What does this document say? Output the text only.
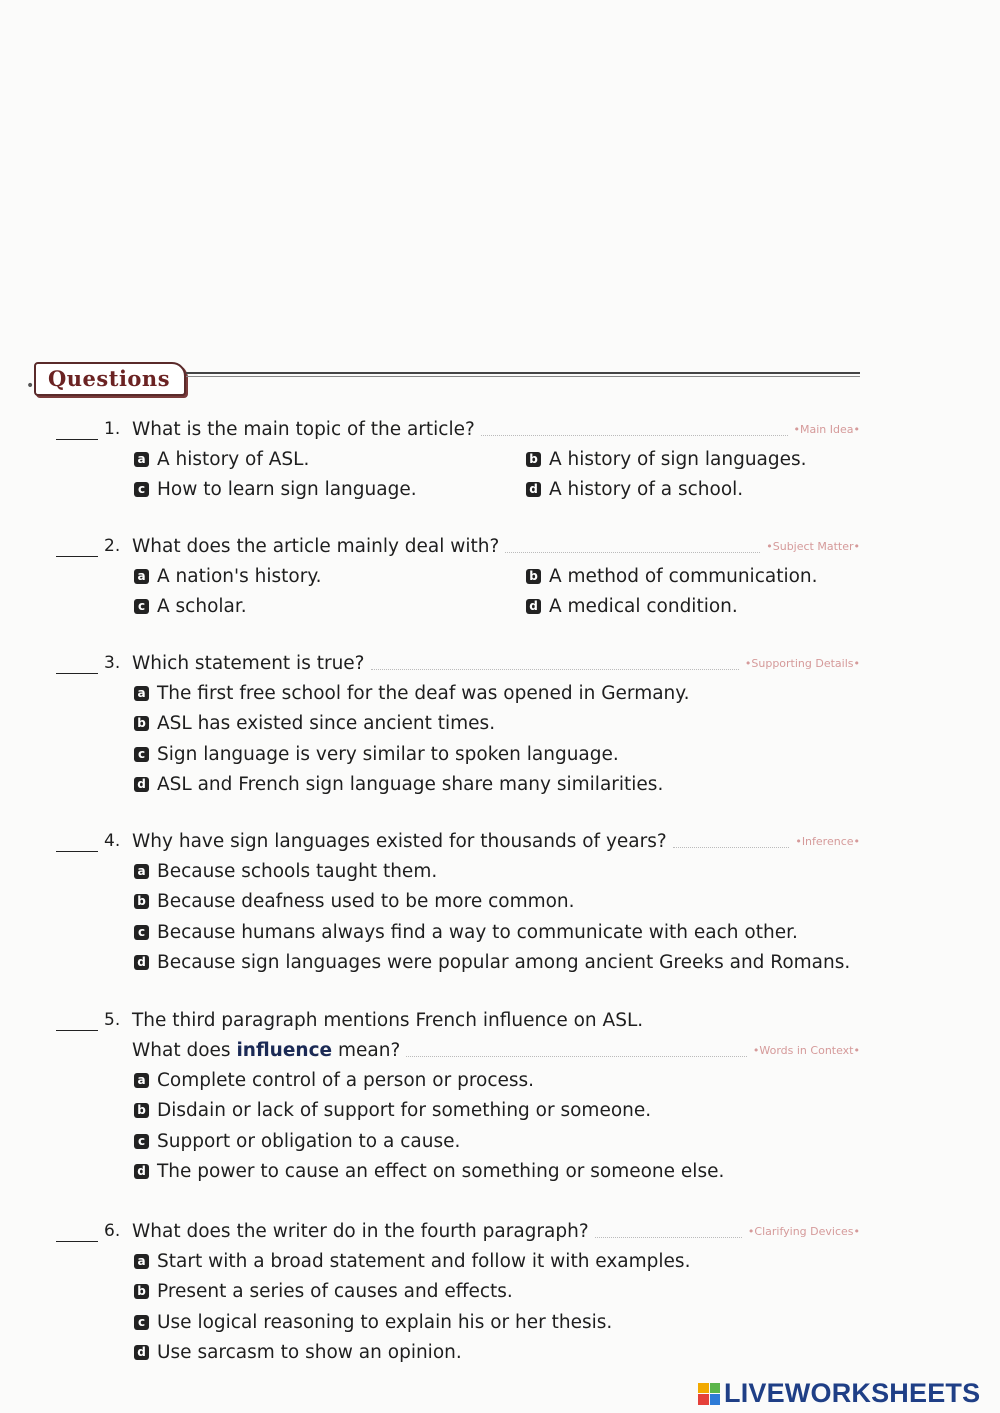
• Questions
1. What is the main topic of the article?	•Main Idea•
a A history of ASL.	b A history of sign languages.
c How to learn sign language.	d A history of a school.
2. What does the article mainly deal with?	•Subject Matter•
a A nation's history.	b A method of communication.
c A scholar.	d A medical condition.
3. Which statement is true?	•Supporting Details•
a The first free school for the deaf was opened in Germany.
b ASL has existed since ancient times.
c Sign language is very similar to spoken language.
d ASL and French sign language share many similarities.
4. Why have sign languages existed for thousands of years?	•Inference•
a Because schools taught them.
b Because deafness used to be more common.
c Because humans always find a way to communicate with each other.
d Because sign languages were popular among ancient Greeks and Romans.
5. The third paragraph mentions French influence on ASL.
What does influence mean?	•Words in Context•
a Complete control of a person or process.
b Disdain or lack of support for something or someone.
c Support or obligation to a cause.
d The power to cause an effect on something or someone else.
6. What does the writer do in the fourth paragraph?	•Clarifying Devices•
a Start with a broad statement and follow it with examples.
b Present a series of causes and effects.
c Use logical reasoning to explain his or her thesis.
d Use sarcasm to show an opinion.
LIVEWORKSHEETS
